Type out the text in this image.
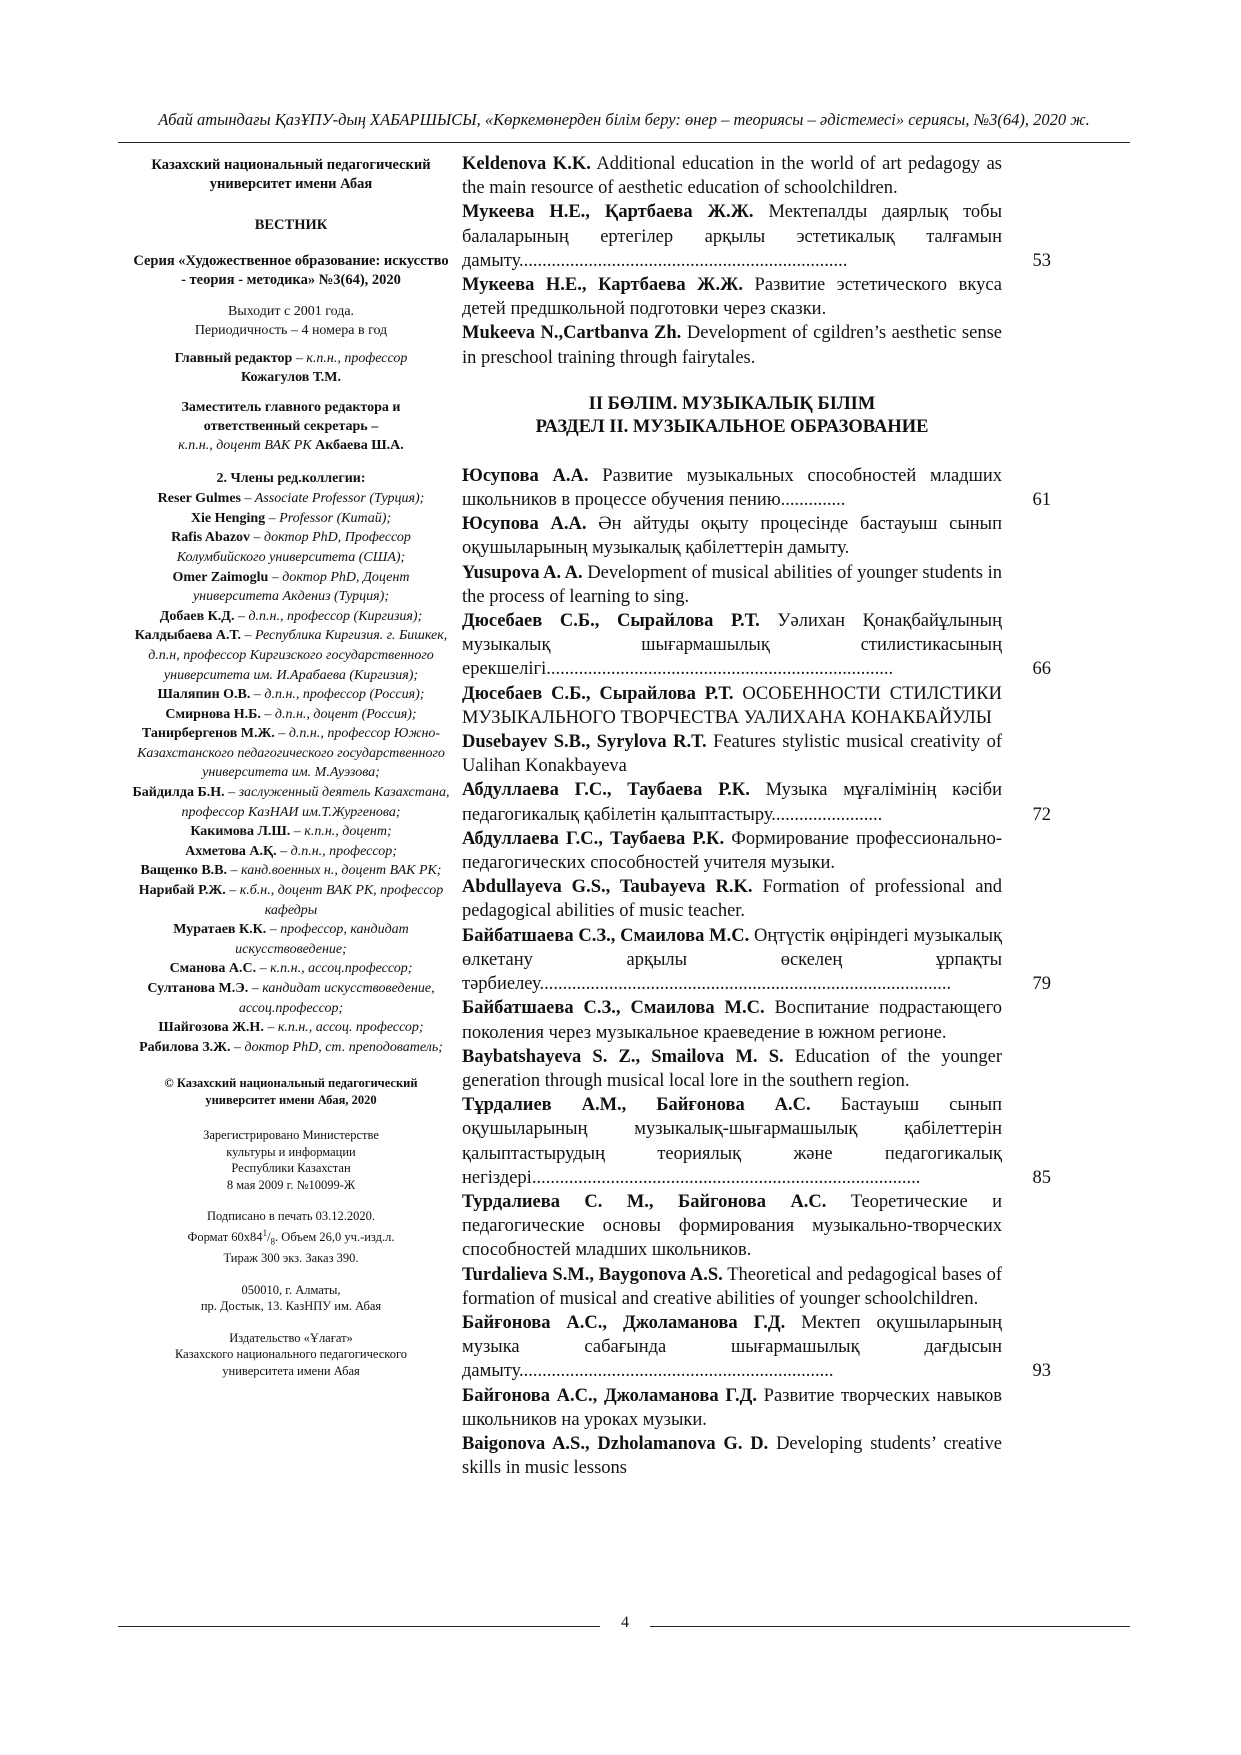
Абай атындағы ҚазҰПУ-дың ХАБАРШЫСЫ, «Көркемөнерден білім беру: өнер – теориясы – әдістемесі» сериясы, №3(64), 2020 ж.

Казахский национальный педагогический университет имени Абая

ВЕСТНИК

Серия «Художественное образование: искусство - теория - методика» №3(64), 2020

Выходит с 2001 года.

Периодичность – 4 номера в год

Главный редактор – к.п.н., профессор

Кожагулов Т.М.

Заместитель главного редактора и ответственный секретарь –
к.п.н., доцент ВАК РК Акбаева Ш.А.

2. Члены ред.коллегии:

Reser Gulmes – Associate Professor (Турция);

Xie Henging – Professor (Китай);

Rafis Abazov – доктор PhD, Профессор Колумбийского университета (США);

Omer Zaimoglu – доктор PhD, Доцент университета Акдениз (Турция);

Добаев К.Д. – д.п.н., профессор (Киргизия);

Калдыбаева А.Т. – Республика Киргизия. г. Бишкек, д.п.н, профессор Киргизского государственного университета им. И.Арабаева (Киргизия);

Шаляпин О.В. – д.п.н., профессор (Россия);

Смирнова Н.Б. – д.п.н., доцент (Россия);

Танирбергенов М.Ж. – д.п.н., профессор Южно-Казахстанского педагогического государственного университета им. М.Ауэзова;

Байдилда Б.Н. – заслуженный деятель Казахстана, профессор КазНАИ им.Т.Жургенова;

Какимова Л.Ш. – к.п.н., доцент;

Ахметова А.Қ. – д.п.н., профессор;

Ващенко В.В. – канд.военных н., доцент ВАК РК;

Нарибай Р.Ж. – к.б.н., доцент ВАК РК, профессор кафедры

Муратаев К.К. – профессор, кандидат искусствоведение;

Сманова А.С. – к.п.н., ассоц.профессор;

Султанова М.Э. – кандидат искусствоведение, ассоц.профессор;

Шайгозова Ж.Н. – к.п.н., ассоц. профессор;

Рабилова З.Ж. – доктор PhD, ст. преподователь;

© Казахский национальный педагогический университет имени Абая, 2020

Зарегистрировано Министерстве
культуры и информации
Республики Казахстан
8 мая 2009 г. №10099-Ж

Подписано в печать 03.12.2020.
Формат $60х84^1/_8$. Объем 26,0 уч.-изд.л.
Тираж 300 экз. Заказ 390.

050010, г. Алматы,
пр. Достык, 13. КазНПУ им. Абая

Издательство «Ұлағат»
Казахского национального педагогического
университета имени Абая

Keldenova K.K. Additional education in the world of art pedagogy as the main resource of aesthetic education of schoolchildren.

Мукеева Н.Е., Қартбаева Ж.Ж. Мектепалды даярлық тобы балаларының ертегілер арқылы эстетикалық талғамын дамыту.......................................................................	53

Мукеева Н.Е., Картбаева Ж.Ж. Развитие эстетического вкуса детей предшкольной подготовки через сказки.

Mukeeva N.,Cartbanva Zh. Development of cgildren’s aesthetic sense in preschool training through fairytales.

II БӨЛІМ. МУЗЫКАЛЫҚ БІЛІМ
РАЗДЕЛ II. МУЗЫКАЛЬНОЕ ОБРАЗОВАНИЕ

Юсупова А.А. Развитие музыкальных способностей младших школьников в процессе обучения пению..............	61

Юсупова А.А. Ән айтуды оқыту процесінде бастауыш сынып оқушыларының музыкалық қабілеттерін дамыту.

Yusupova A. A. Development of musical abilities of younger students in the process of learning to sing.

Дюсебаев С.Б., Сырайлова Р.Т. Уәлихан Қонақбайұлының музыкалық шығармашылық стилистикасының ерекшелігі...........................................................................	66

Дюсебаев С.Б., Сырайлова Р.Т. ОСОБЕННОСТИ СТИЛСТИКИ МУЗЫКАЛЬНОГО ТВОРЧЕСТВА УАЛИХАНА КОНАКБАЙУЛЫ

Dusebayev S.B., Syrylova R.T. Features stylistic musical creativity of Ualihan Konakbayeva

Абдуллаева Г.С., Таубаева Р.К. Музыка мұғалімінің кәсіби педагогикалық қабілетін қалыптастыру........................	72

Абдуллаева Г.С., Таубаева Р.К. Формирование профессионально-педагогических способностей учителя музыки.

Abdullayeva G.S., Taubayeva R.K. Formation of professional and pedagogical abilities of music teacher.

Байбатшаева С.З., Смаилова М.С. Оңтүстік өңіріндегі музыкалық өлкетану арқылы өскелең ұрпақты тәрбиелеу.........................................................................................	79

Байбатшаева С.З., Смаилова М.С. Воспитание подрастающего поколения через музыкальное краеведение в южном регионе.

Baybatshayeva S. Z., Smailova M. S. Education of the younger generation through musical local lore in the southern region.

Тұрдалиев А.М., Байғонова А.С. Бастауыш сынып оқушыларының музыкалық-шығармашылық қабілеттерін қалыптастырудың теориялық және педагогикалық негіздері....................................................................................	85

Турдалиева С. М., Байгонова А.С. Теоретические и педагогические основы формирования музыкально-творческих способностей младших школьников.

Turdalieva S.M., Baygonova A.S. Theoretical and pedagogical bases of formation of musical and creative abilities of younger schoolchildren.

Байғонова А.С., Джоламанова Г.Д. Мектеп оқушыларының музыка сабағында шығармашылық дағдысын дамыту....................................................................	93

Байгонова А.С., Джоламанова Г.Д. Развитие творческих навыков школьников на уроках музыки.

Baigonova A.S., Dzholamanova G. D. Developing students’ creative skills in music lessons

4
